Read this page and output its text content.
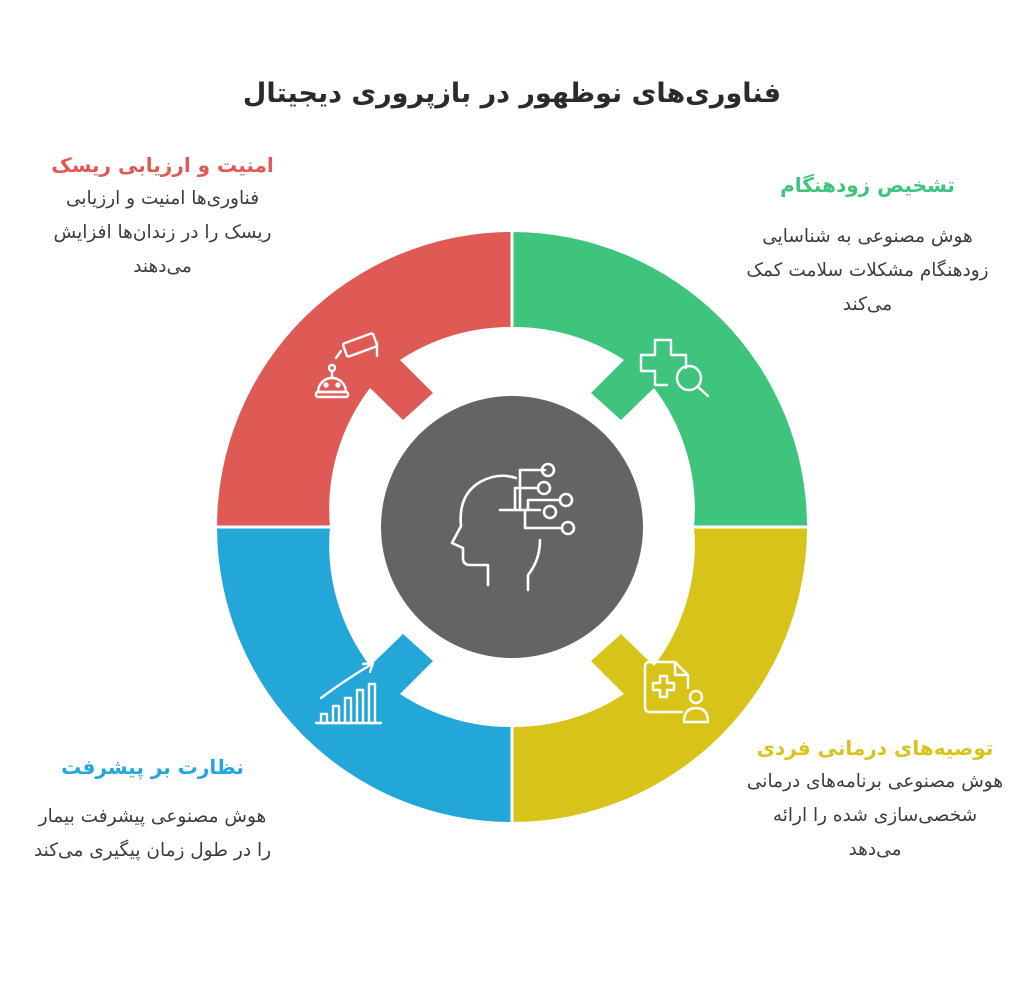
فناوری‌های نوظهور در بازپروری دیجیتال
امنیت و ارزیابی ریسک
فناوری‌ها امنیت و ارزیابی ریسک را در زندان‌ها افزایش می‌دهند
تشخیص زودهنگام
هوش مصنوعی به شناسایی زودهنگام مشکلات سلامت کمک می‌کند
توصیه‌های درمانی فردی
هوش مصنوعی برنامه‌های درمانی شخصی‌سازی شده را ارائه می‌دهد
نظارت بر پیشرفت
هوش مصنوعی پیشرفت بیمار را در طول زمان پیگیری می‌کند
